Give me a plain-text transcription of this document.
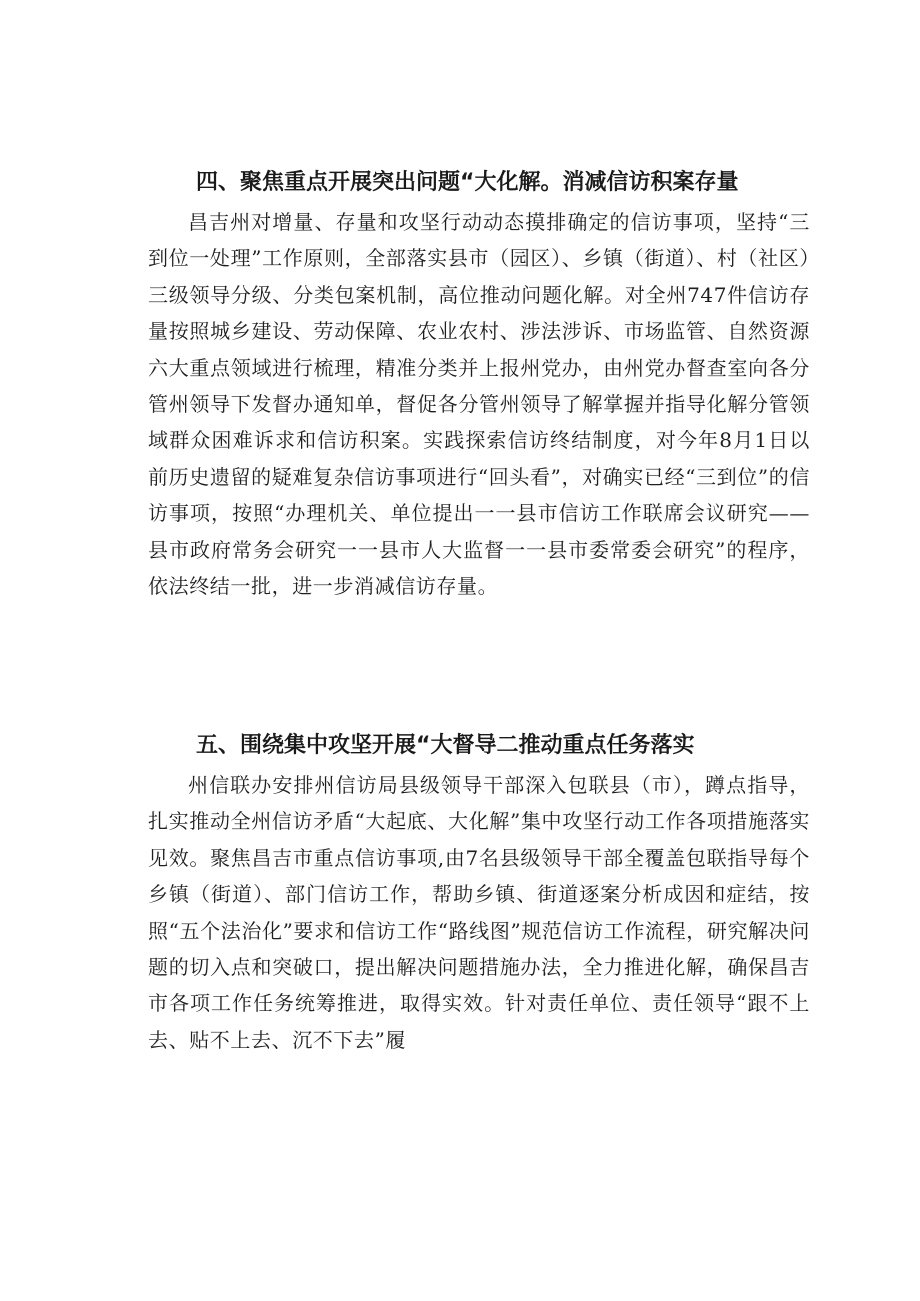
四、聚焦重点开展突出问题“大化解。消减信访积案存量

昌吉州对增量、存量和攻坚行动动态摸排确定的信访事项，坚持“三到位一处理”工作原则，全部落实县市（园区）、乡镇（街道）、村（社区）三级领导分级、分类包案机制，高位推动问题化解。对全州747件信访存量按照城乡建设、劳动保障、农业农村、涉法涉诉、市场监管、自然资源六大重点领域进行梳理，精准分类并上报州党办，由州党办督查室向各分管州领导下发督办通知单，督促各分管州领导了解掌握并指导化解分管领域群众困难诉求和信访积案。实践探索信访终结制度，对今年8月1日以前历史遗留的疑难复杂信访事项进行“回头看”，对确实已经“三到位”的信访事项，按照“办理机关、单位提出一一县市信访工作联席会议研究——县市政府常务会研究一一县市人大监督一一县市委常委会研究”的程序，依法终结一批，进一步消减信访存量。

五、围绕集中攻坚开展“大督导二推动重点任务落实

州信联办安排州信访局县级领导干部深入包联县（市），蹲点指导，扎实推动全州信访矛盾“大起底、大化解”集中攻坚行动工作各项措施落实见效。聚焦昌吉市重点信访事项,由7名县级领导干部全覆盖包联指导每个乡镇（街道）、部门信访工作，帮助乡镇、街道逐案分析成因和症结，按照“五个法治化”要求和信访工作“路线图”规范信访工作流程，研究解决问题的切入点和突破口，提出解决问题措施办法，全力推进化解，确保昌吉市各项工作任务统筹推进，取得实效。针对责任单位、责任领导“跟不上去、贴不上去、沉不下去”履
